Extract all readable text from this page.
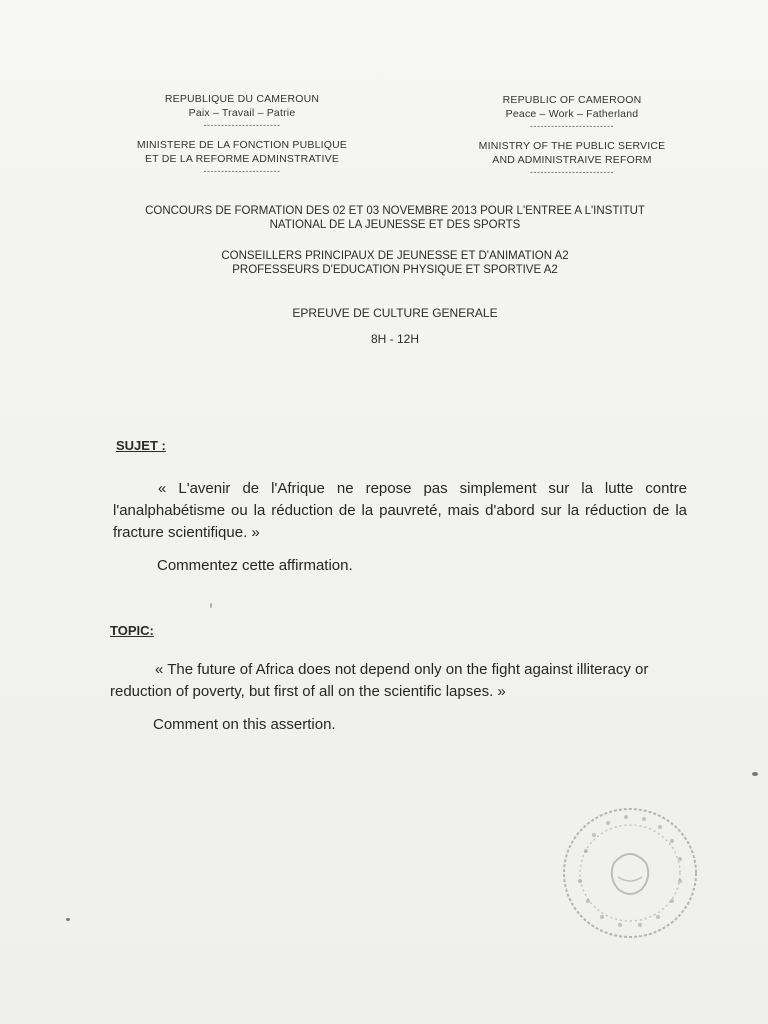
REPUBLIQUE DU CAMEROUN
Paix – Travail – Patrie
----------------------
MINISTERE DE LA FONCTION PUBLIQUE
ET DE LA REFORME ADMINSTRATIVE
----------------------
REPUBLIC OF CAMEROON
Peace – Work – Fatherland
------------------------
MINISTRY OF THE PUBLIC SERVICE
AND ADMINISTRAIVE REFORM
------------------------
CONCOURS DE FORMATION DES 02 ET 03 NOVEMBRE 2013 POUR L'ENTREE A L'INSTITUT
NATIONAL DE LA JEUNESSE ET DES SPORTS
CONSEILLERS PRINCIPAUX DE JEUNESSE ET D'ANIMATION A2
PROFESSEURS D'EDUCATION PHYSIQUE ET SPORTIVE A2
EPREUVE DE CULTURE GENERALE
8H - 12H
SUJET :
« L'avenir de l'Afrique ne repose pas simplement sur la lutte contre l'analphabétisme ou la réduction de la pauvreté, mais d'abord sur la réduction de la fracture scientifique. »
Commentez cette affirmation.
TOPIC:
« The future of Africa does not depend only on the fight against illiteracy or reduction of poverty, but first of all on the scientific lapses. »
Comment on this assertion.
